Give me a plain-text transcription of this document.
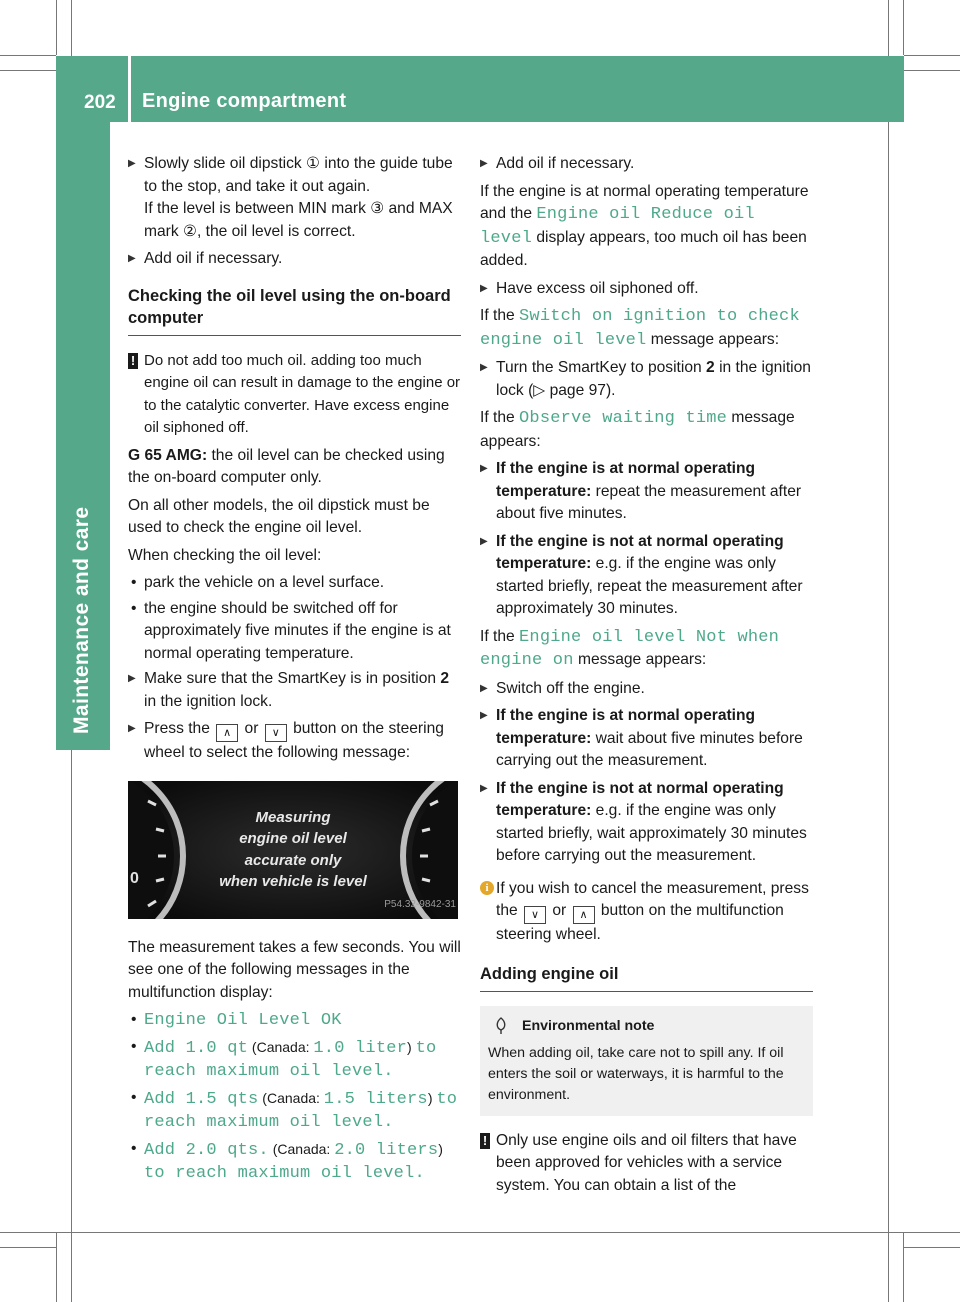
202 Engine compartment
Maintenance and care
▶ Slowly slide oil dipstick ① into the guide tube to the stop, and take it out again.
If the level is between MIN mark ③ and MAX mark ②, the oil level is correct.
▶ Add oil if necessary.
Checking the oil level using the on-board computer
! Do not add too much oil. adding too much engine oil can result in damage to the engine or to the catalytic converter. Have excess engine oil siphoned off.
G 65 AMG: the oil level can be checked using the on-board computer only.
On all other models, the oil dipstick must be used to check the engine oil level.
When checking the oil level:
• park the vehicle on a level surface.
• the engine should be switched off for approximately five minutes if the engine is at normal operating temperature.
▶ Make sure that the SmartKey is in position 2 in the ignition lock.
▶ Press the ∧ or ∨ button on the steering wheel to select the following message:
0
Measuring
engine oil level
accurate only
when vehicle is level
P54.32-9842-31
The measurement takes a few seconds. You will see one of the following messages in the multifunction display:
• Engine Oil Level OK
• Add 1.0 qt (Canada: 1.0 liter) to reach maximum oil level.
• Add 1.5 qts (Canada: 1.5 liters) to reach maximum oil level.
• Add 2.0 qts. (Canada: 2.0 liters) to reach maximum oil level.
▶ Add oil if necessary.
If the engine is at normal operating temperature and the Engine oil Reduce oil level display appears, too much oil has been added.
▶ Have excess oil siphoned off.
If the Switch on ignition to check engine oil level message appears:
▶ Turn the SmartKey to position 2 in the ignition lock (▷ page 97).
If the Observe waiting time message appears:
▶ If the engine is at normal operating temperature: repeat the measurement after about five minutes.
▶ If the engine is not at normal operating temperature: e.g. if the engine was only started briefly, repeat the measurement after approximately 30 minutes.
If the Engine oil level Not when engine on message appears:
▶ Switch off the engine.
▶ If the engine is at normal operating temperature: wait about five minutes before carrying out the measurement.
▶ If the engine is not at normal operating temperature: e.g. if the engine was only started briefly, wait approximately 30 minutes before carrying out the measurement.
i If you wish to cancel the measurement, press the ∨ or ∧ button on the multifunction steering wheel.
Adding engine oil
Environmental note
When adding oil, take care not to spill any. If oil enters the soil or waterways, it is harmful to the environment.
! Only use engine oils and oil filters that have been approved for vehicles with a service system. You can obtain a list of the
